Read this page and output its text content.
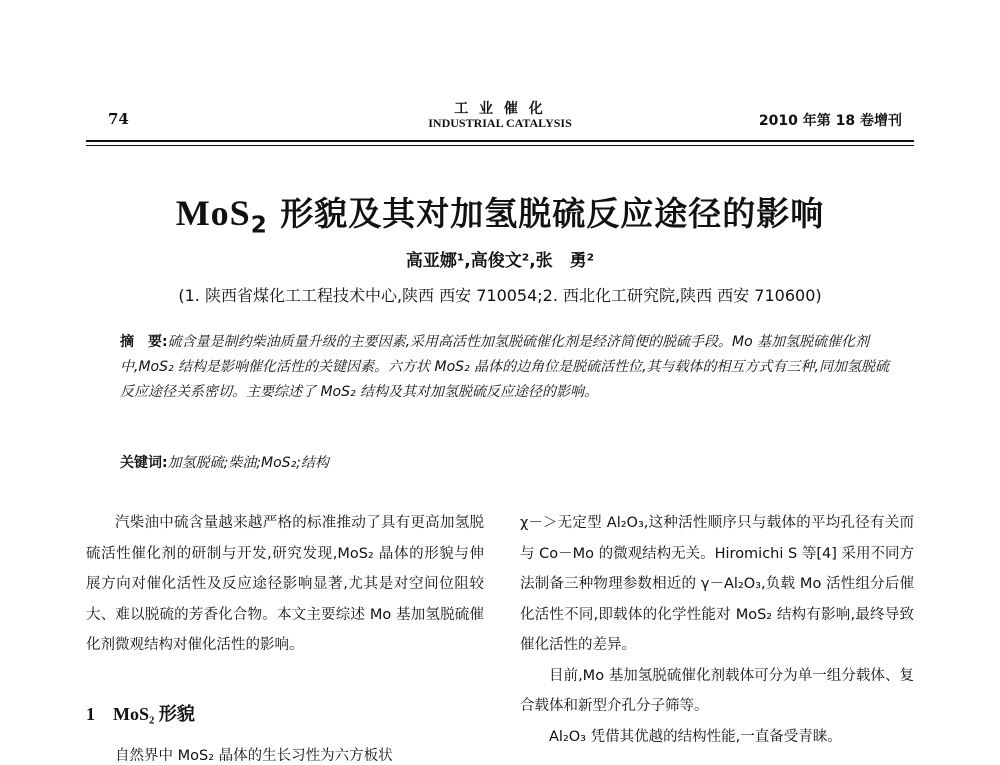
74
工 业 催 化
INDUSTRIAL CATALYSIS	2010 年第 18 卷增刊
MoS$_2$ 形貌及其对加氢脱硫反应途径的影响
高亚娜¹,高俊文²,张　勇²
(1. 陕西省煤化工工程技术中心,陕西 西安 710054;2. 西北化工研究院,陕西 西安 710600)
摘　要:硫含量是制约柴油质量升级的主要因素,采用高活性加氢脱硫催化剂是经济简便的脱硫手段。Mo 基加氢脱硫催化剂中,MoS₂ 结构是影响催化活性的关键因素。六方状 MoS₂ 晶体的边角位是脱硫活性位,其与载体的相互方式有三种,同加氢脱硫反应途径关系密切。主要综述了 MoS₂ 结构及其对加氢脱硫反应途径的影响。
关键词:加氢脱硫;柴油;MoS₂;结构

汽柴油中硫含量越来越严格的标准推动了具有更高加氢脱硫活性催化剂的研制与开发,研究发现,MoS₂ 晶体的形貌与伸展方向对催化活性及反应途径影响显著,尤其是对空间位阻较大、难以脱硫的芳香化合物。本文主要综述 Mo 基加氢脱硫催化剂微观结构对催化活性的影响。

1　MoS₂ 形貌
自然界中 MoS₂ 晶体的生长习性为六方板状

χ－＞无定型 Al₂O₃,这种活性顺序只与载体的平均孔径有关而与 Co－Mo 的微观结构无关。Hiromichi S 等[4] 采用不同方法制备三种物理参数相近的 γ－Al₂O₃,负载 Mo 活性组分后催化活性不同,即载体的化学性能对 MoS₂ 结构有影响,最终导致催化活性的差异。

目前,Mo 基加氢脱硫催化剂载体可分为单一组分载体、复合载体和新型介孔分子筛等。

Al₂O₃ 凭借其优越的结构性能,一直备受青睐。
